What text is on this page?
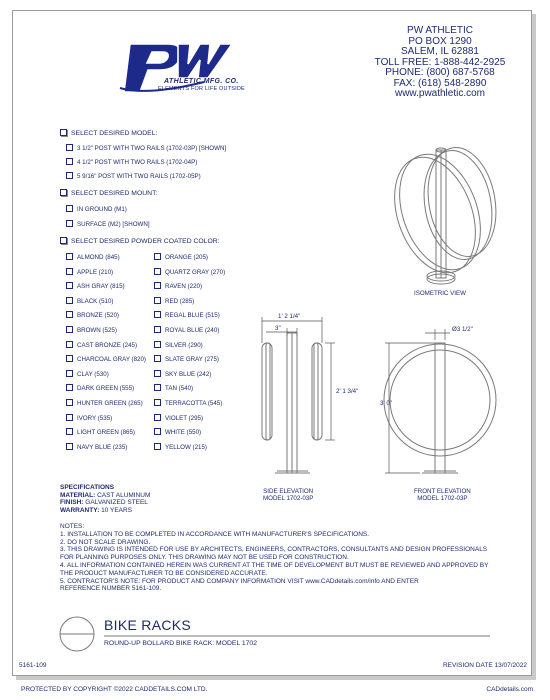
ATHLETIC MFG. CO.
ELEMENTS FOR LIFE OUTSIDE
PW ATHLETIC
PO BOX 1290
SALEM, IL 62881
TOLL FREE: 1-888-442-2925
PHONE: (800) 687-5768
FAX: (618) 548-2890
www.pwathletic.com
SELECT DESIRED MODEL:
3 1/2" POST WITH TWO RAILS (1702-03P) [SHOWN]
4 1/2" POST WITH TWO RAILS (1702-04P)
5 9/16" POST WITH TWO RAILS (1702-05P)
SELECT DESIRED MOUNT:
IN GROUND (M1)
SURFACE (M2) [SHOWN]
SELECT DESIRED POWDER COATED COLOR:
ALMOND (845)
APPLE (210)
ASH GRAY (815)
BLACK (510)
BRONZE (520)
BROWN (525)
CAST BRONZE (245)
CHARCOAL GRAY (820)
CLAY (530)
DARK GREEN (555)
HUNTER GREEN (265)
IVORY (535)
LIGHT GREEN (865)
NAVY BLUE (235)
ORANGE (205)
QUARTZ GRAY (270)
RAVEN (220)
RED (285)
REGAL BLUE (515)
ROYAL BLUE (240)
SILVER (290)
SLATE GRAY (275)
SKY BLUE (242)
TAN (540)
TERRACOTTA (545)
VIOLET (295)
WHITE (550)
YELLOW (215)
1' 2 1/4"
3"
2' 1 3/4"
Ø3 1/2"
3' 0"
ISOMETRIC VIEW
SIDE ELEVATION
MODEL 1702-03P
FRONT ELEVATION
MODEL 1702-03P
SPECIFICATIONS
MATERIAL: CAST ALUMINUM
FINISH: GALVANIZED STEEL
WARRANTY: 10 YEARS
NOTES:
1. INSTALLATION TO BE COMPLETED IN ACCORDANCE WITH MANUFACTURER'S SPECIFICATIONS.
2. DO NOT SCALE DRAWING.
3. THIS DRAWING IS INTENDED FOR USE BY ARCHITECTS, ENGINEERS, CONTRACTORS, CONSULTANTS AND DESIGN PROFESSIONALS
FOR PLANNING PURPOSES ONLY. THIS DRAWING MAY NOT BE USED FOR CONSTRUCTION.
4. ALL INFORMATION CONTAINED HEREIN WAS CURRENT AT THE TIME OF DEVELOPMENT BUT MUST BE REVIEWED AND APPROVED BY
THE PRODUCT MANUFACTURER TO BE CONSIDERED ACCURATE.
5. CONTRACTOR'S NOTE: FOR PRODUCT AND COMPANY INFORMATION VISIT www.CADdetails.com/info AND ENTER
REFERENCE NUMBER 5161-109.
BIKE RACKS
ROUND-UP BOLLARD BIKE RACK: MODEL 1702
5161-109	REVISION DATE 13/07/2022
PROTECTED BY COPYRIGHT ©2022 CADDETAILS.COM LTD.	CADdetails.com
